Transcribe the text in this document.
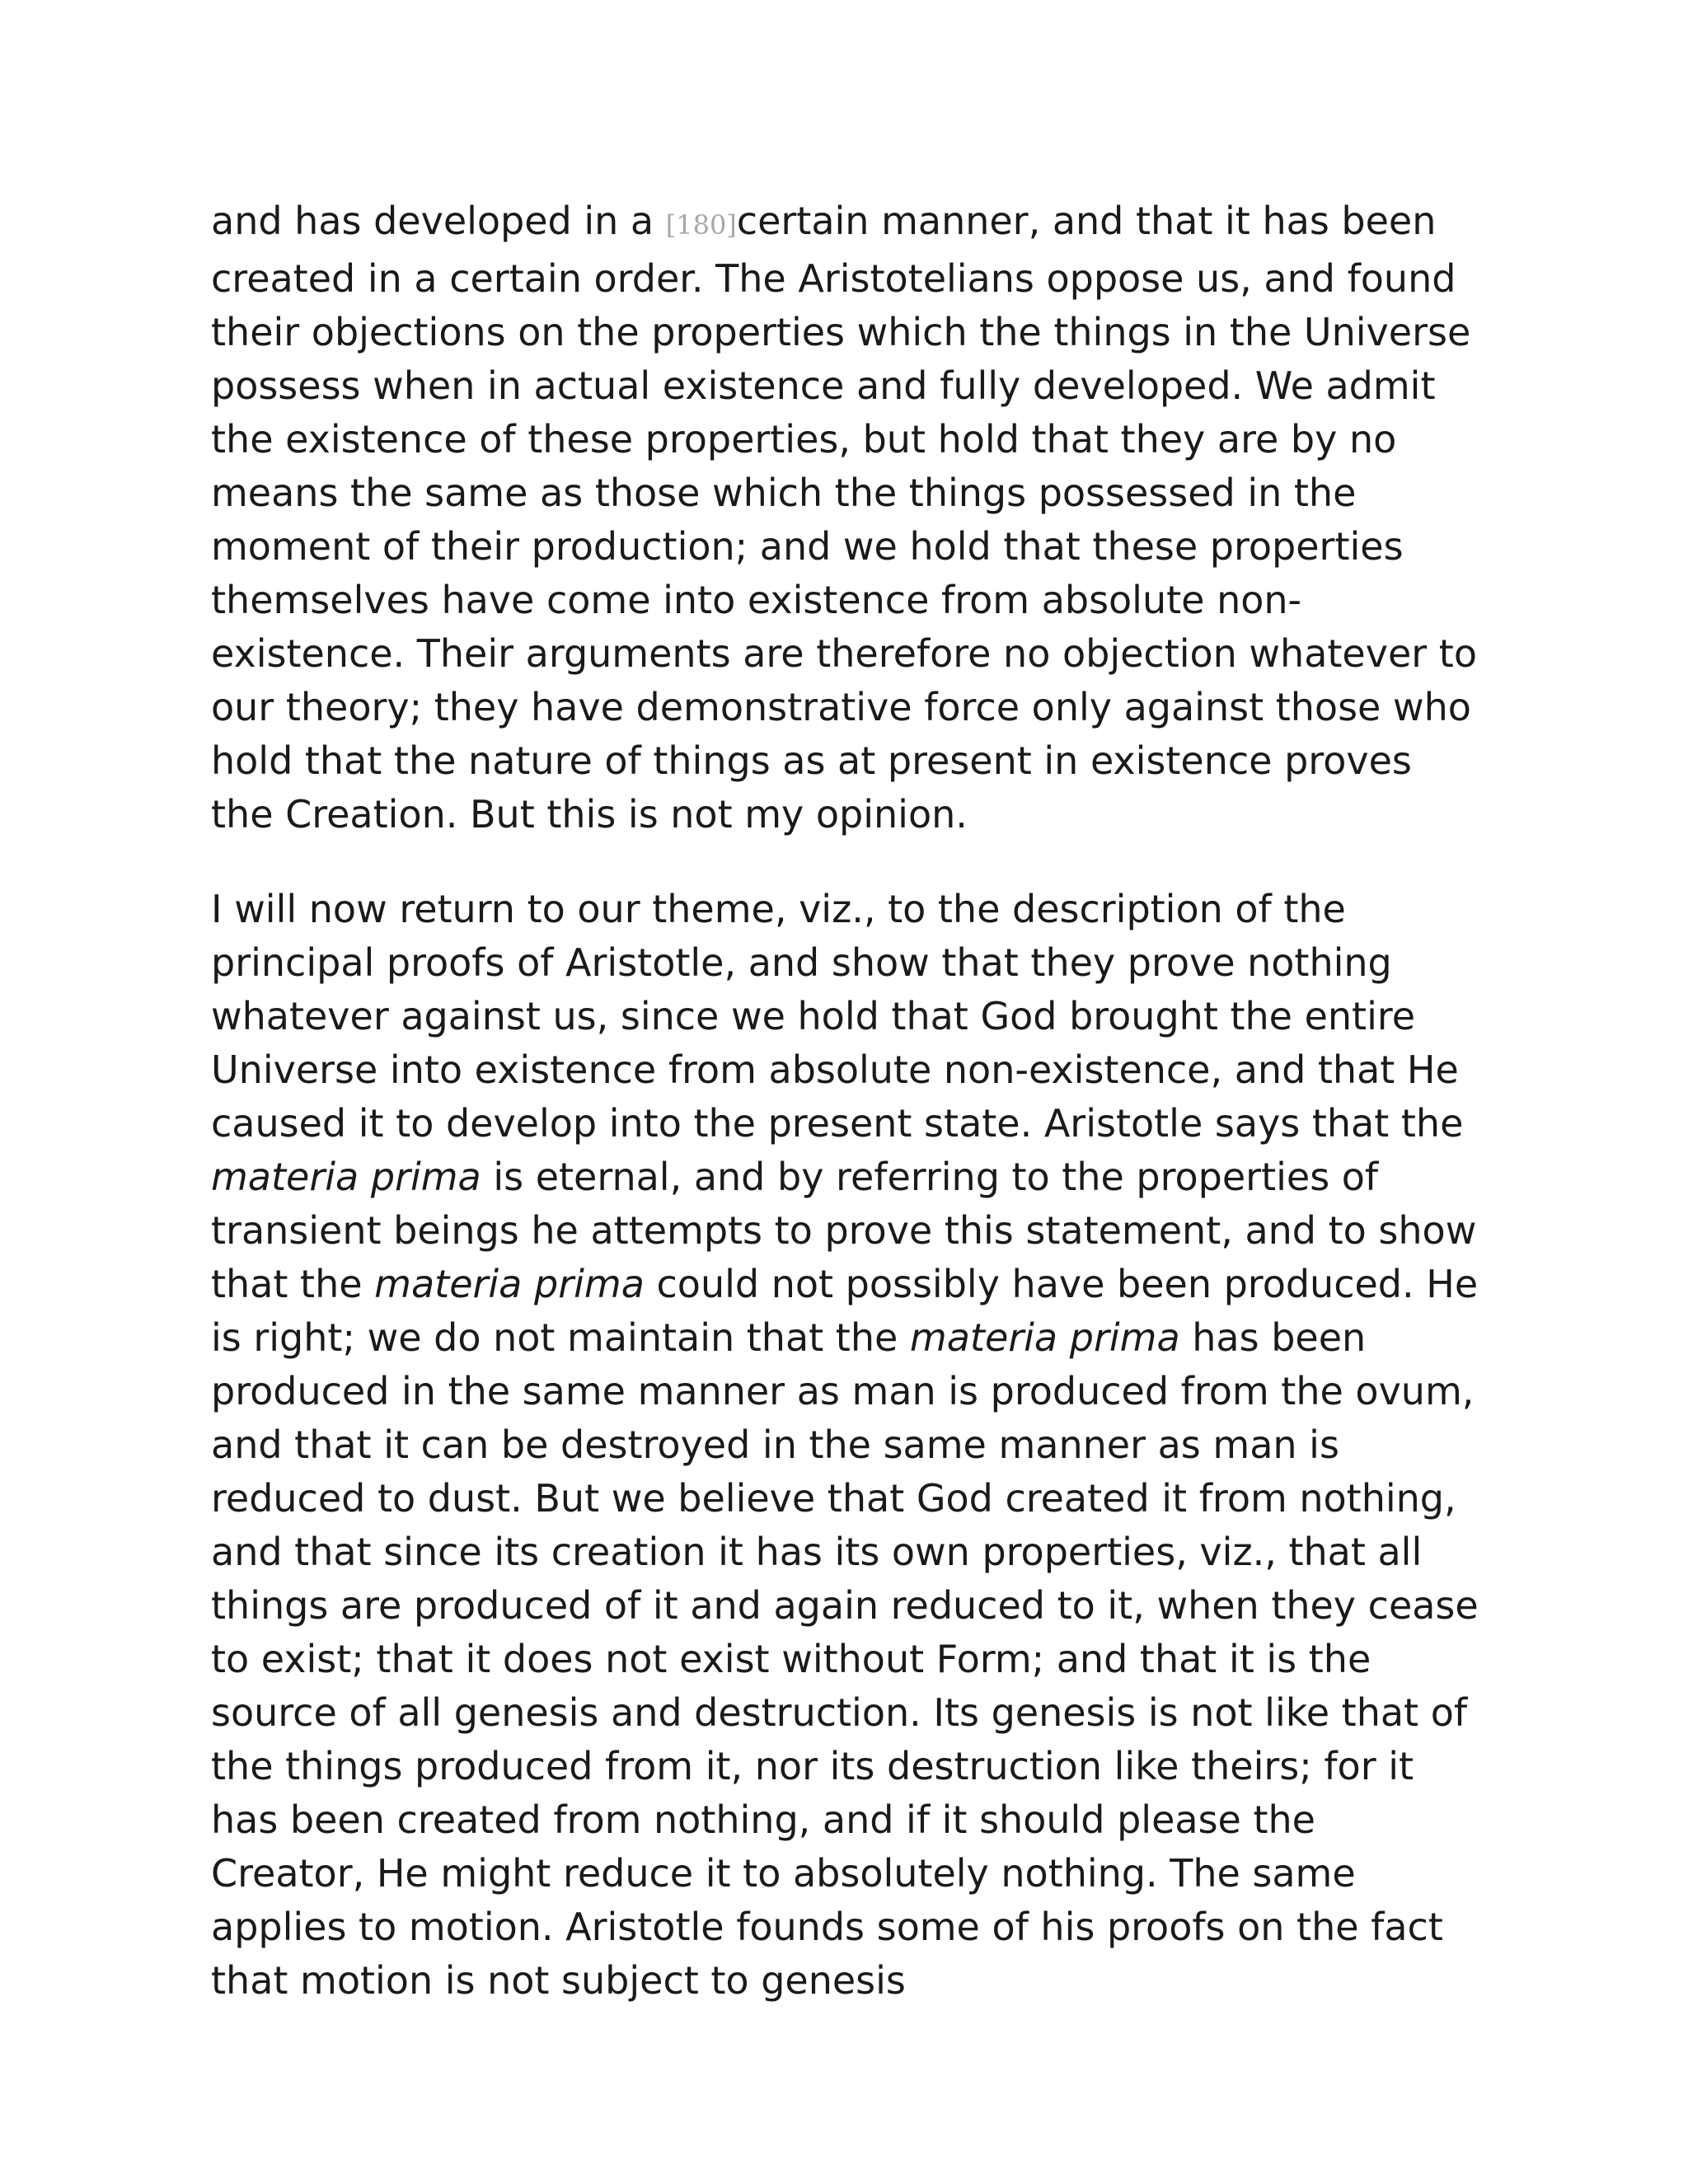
and has developed in a [180]certain manner, and that it has been created in a certain order. The Aristotelians oppose us, and found their objections on the properties which the things in the Universe possess when in actual existence and fully developed. We admit the existence of these properties, but hold that they are by no means the same as those which the things possessed in the moment of their production; and we hold that these properties themselves have come into existence from absolute non-existence. Their arguments are therefore no objection whatever to our theory; they have demonstrative force only against those who hold that the nature of things as at present in existence proves the Creation. But this is not my opinion.

I will now return to our theme, viz., to the description of the principal proofs of Aristotle, and show that they prove nothing whatever against us, since we hold that God brought the entire Universe into existence from absolute non-existence, and that He caused it to develop into the present state. Aristotle says that the materia prima is eternal, and by referring to the properties of transient beings he attempts to prove this statement, and to show that the materia prima could not possibly have been produced. He is right; we do not maintain that the materia prima has been produced in the same manner as man is produced from the ovum, and that it can be destroyed in the same manner as man is reduced to dust. But we believe that God created it from nothing, and that since its creation it has its own properties, viz., that all things are produced of it and again reduced to it, when they cease to exist; that it does not exist without Form; and that it is the source of all genesis and destruction. Its genesis is not like that of the things produced from it, nor its destruction like theirs; for it has been created from nothing, and if it should please the Creator, He might reduce it to absolutely nothing. The same applies to motion. Aristotle founds some of his proofs on the fact that motion is not subject to genesis
